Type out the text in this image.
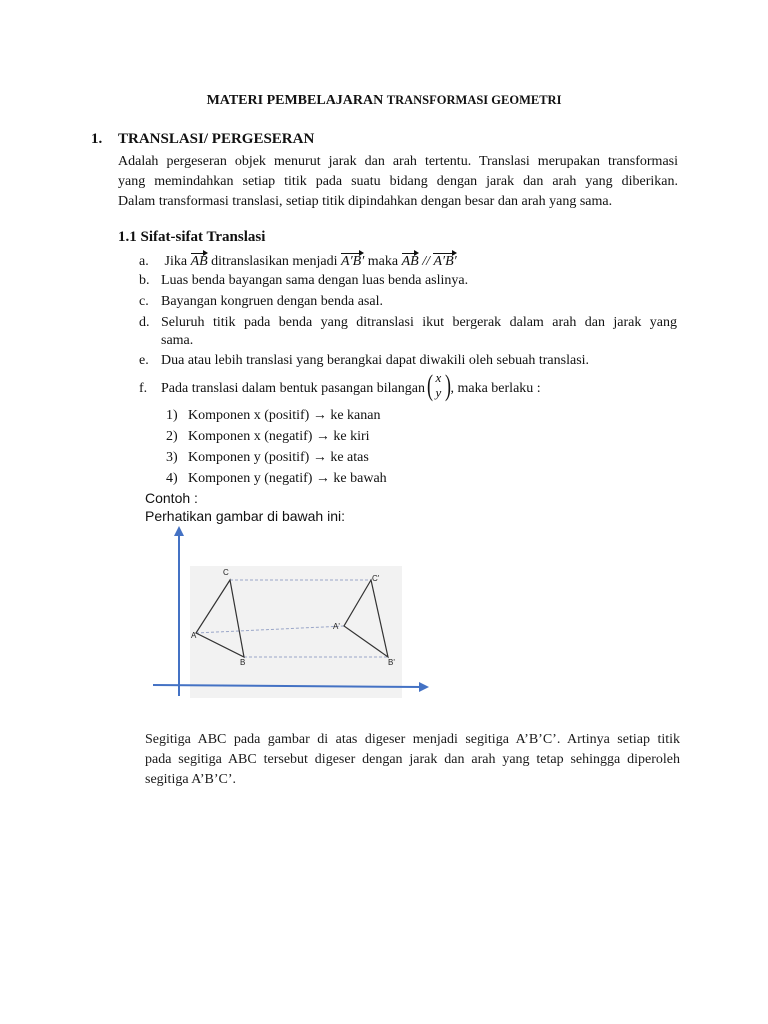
MATERI PEMBELAJARAN TRANSFORMASI GEOMETRI
1. TRANSLASI/ PERGESERAN
Adalah pergeseran objek menurut jarak dan arah tertentu. Translasi merupakan transformasi
yang memindahkan setiap titik pada suatu bidang dengan jarak dan arah yang diberikan.
Dalam transformasi translasi, setiap titik dipindahkan dengan besar dan arah yang sama.
1.1 Sifat-sifat Translasi
a. Jika AB ditranslasikan menjadi A′B′ maka AB // A′B′
b. Luas benda bayangan sama dengan luas benda aslinya.
c. Bayangan kongruen dengan benda asal.
d. Seluruh titik pada benda yang ditranslasi ikut bergerak dalam arah dan jarak yang
sama.
e. Dua atau lebih translasi yang berangkai dapat diwakili oleh sebuah translasi.
f. Pada translasi dalam bentuk pasangan bilangan ( x
y ) , maka berlaku :
1) Komponen x (positif) → ke kanan
2) Komponen x (negatif) → ke kiri
3) Komponen y (positif) → ke atas
4) Komponen y (negatif) → ke bawah
Contoh :
Perhatikan gambar di bawah ini:
C
A
B
C'
A'
B'
Segitiga ABC pada gambar di atas digeser menjadi segitiga A’B’C’. Artinya setiap titik
pada segitiga ABC tersebut digeser dengan jarak dan arah yang tetap sehingga diperoleh
segitiga A’B’C’.
